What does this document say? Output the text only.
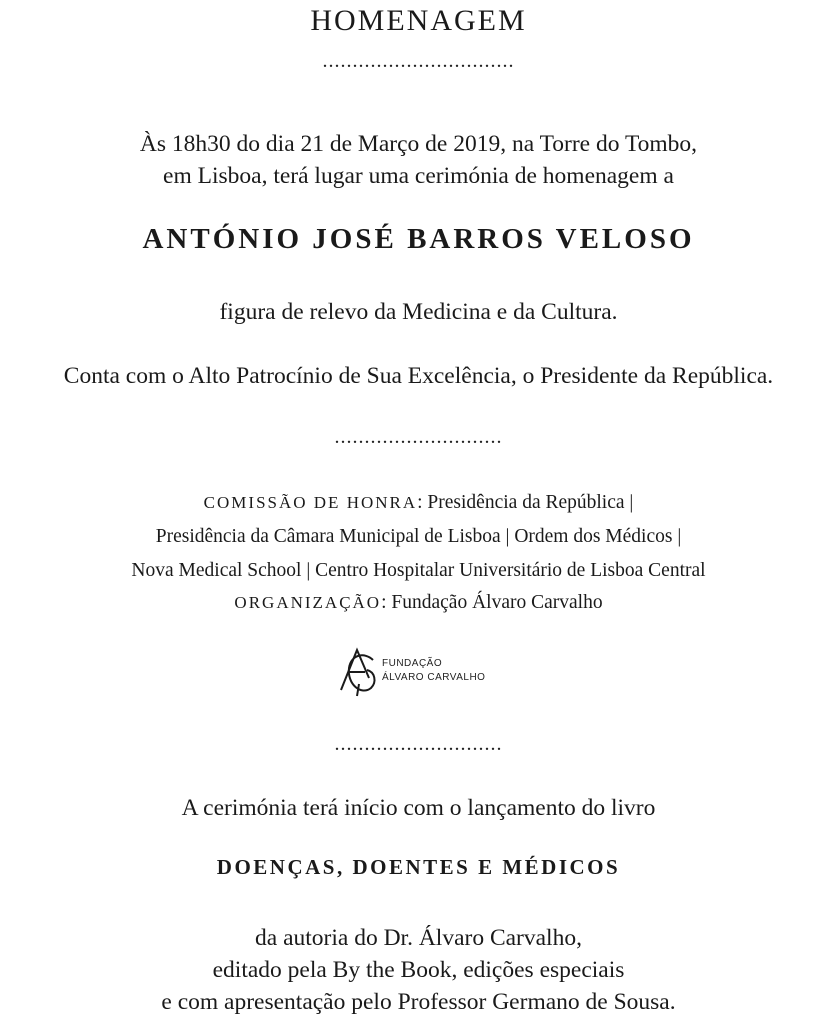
HOMENAGEM
................................
Às 18h30 do dia 21 de Março de 2019, na Torre do Tombo,
em Lisboa, terá lugar uma cerimónia de homenagem a
ANTÓNIO JOSÉ BARROS VELOSO
figura de relevo da Medicina e da Cultura.
Conta com o Alto Patrocínio de Sua Excelência, o Presidente da República.
............................
COMISSÃO DE HONRA: Presidência da República |
Presidência da Câmara Municipal de Lisboa | Ordem dos Médicos |
Nova Medical School | Centro Hospitalar Universitário de Lisboa Central
ORGANIZAÇÃO: Fundação Álvaro Carvalho
FUNDAÇÃO
ÁLVARO CARVALHO
............................
A cerimónia terá início com o lançamento do livro
DOENÇAS, DOENTES E MÉDICOS
da autoria do Dr. Álvaro Carvalho,
editado pela By the Book, edições especiais
e com apresentação pelo Professor Germano de Sousa.
